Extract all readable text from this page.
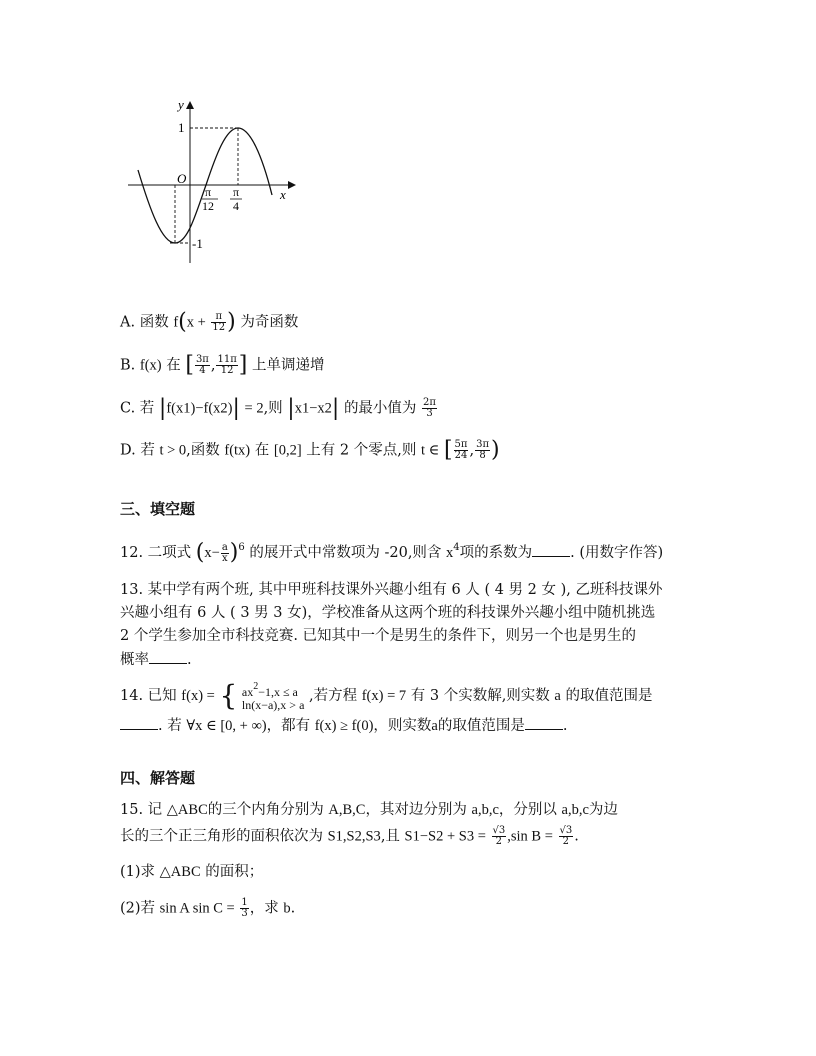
y
x
O
1
-1
π
12
π
4
A. 函数 $f(x + \frac{\pi}{12}$ ) 为奇函数
B. f(x) 在 [ $\frac{3\pi}{4}$ , $\frac{11\pi}{12}$ ] 上单调递增
C. 若 |f(x1)−f(x2)| = 2,则 |x1−x2| 的最小值为 $\frac{2\pi}{3}$
D. 若 t > 0,函数 f(tx) 在 [0,2] 上有 2 个零点,则 t ∈ [ $\frac{5\pi}{24}$ , $\frac{3\pi}{8}$ )
三、填空题
12. 二项式 $(x- \frac{a}{x} )^6$ 的展开式中常数项为 -20,则含 $x^4$项的系数为	. (用数字作答)
13. 某中学有两个班, 其中甲班科技课外兴趣小组有 6 人 ( 4 男 2 女 ), 乙班科技课外
兴趣小组有 6 人 ( 3 男 3 女)，学校准备从这两个班的科技课外兴趣小组中随机挑选
2 个学生参加全市科技竞赛. 已知其中一个是男生的条件下，则另一个也是男生的
概率	.
14. 已知 f(x) = { $ax^2-1,x \le a$
ln(x−a),x > a
,若方程 f(x) = 7 有 3 个实数解,则实数 a 的取值范围是
. 若 ∀x ∈ [0, + ∞)，都有 f(x) ≥ f(0)，则实数a的取值范围是	.
四、解答题
15. 记 △ABC的三个内角分别为 A,B,C，其对边分别为 a,b,c，分别以 a,b,c为边
长的三个正三角形的面积依次为 S1,S2,S3,且 $S1-S2 + S3 = \frac{√3}{2} ,\sin$ $B = \frac{√3}{2}$ .
(1)求 △ABC 的面积；
(2)若 sin A $\sin C = \frac{1}{3}$ ，求 b.
